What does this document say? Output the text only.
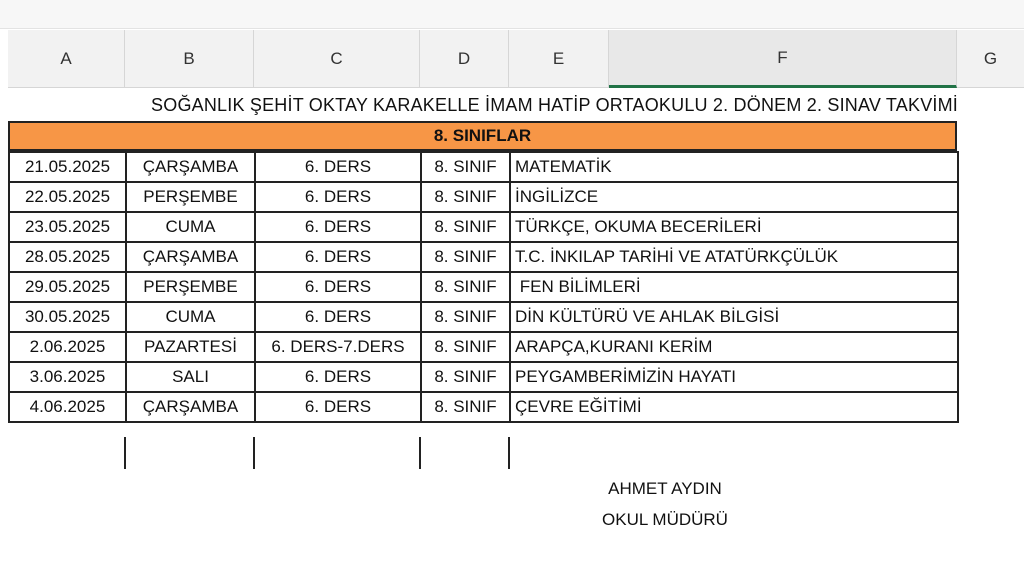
A	B	C	D	E	F	G
SOĞANLIK ŞEHİT OKTAY KARAKELLE İMAM HATİP ORTAOKULU 2. DÖNEM 2. SINAV TAKVİMİ
8. SINIFLAR
21.05.2025	ÇARŞAMBA	6. DERS	8. SINIF	MATEMATİK
22.05.2025	PERŞEMBE	6. DERS	8. SINIF	İNGİLİZCE
23.05.2025	CUMA	6. DERS	8. SINIF	TÜRKÇE, OKUMA BECERİLERİ
28.05.2025	ÇARŞAMBA	6. DERS	8. SINIF	T.C. İNKILAP TARİHİ VE ATATÜRKÇÜLÜK
29.05.2025	PERŞEMBE	6. DERS	8. SINIF	FEN BİLİMLERİ
30.05.2025	CUMA	6. DERS	8. SINIF	DİN KÜLTÜRÜ VE AHLAK BİLGİSİ
2.06.2025	PAZARTESİ	6. DERS-7.DERS	8. SINIF	ARAPÇA,KURANI KERİM
3.06.2025	SALI	6. DERS	8. SINIF	PEYGAMBERİMİZİN HAYATI
4.06.2025	ÇARŞAMBA	6. DERS	8. SINIF	ÇEVRE EĞİTİMİ
AHMET AYDIN
OKUL MÜDÜRÜ
